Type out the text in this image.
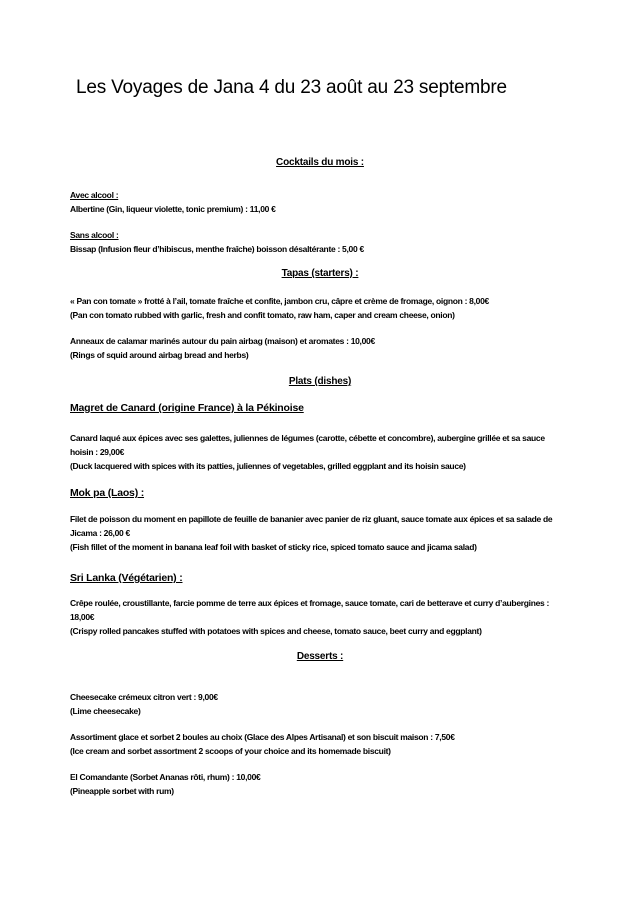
Les Voyages de Jana 4 du 23 août au 23 septembre
Cocktails du mois :

Avec alcool :

Albertine (Gin, liqueur violette, tonic premium) : 11,00 €

Sans alcool :

Bissap (Infusion fleur d’hibiscus, menthe fraîche) boisson désaltérante : 5,00 €

Tapas (starters) :

« Pan con tomate » frotté à l’ail, tomate fraîche et confite, jambon cru, câpre et crème de fromage, oignon : 8,00€

(Pan con tomato rubbed with garlic, fresh and confit tomato, raw ham, caper and cream cheese, onion)

Anneaux de calamar marinés autour du pain airbag (maison) et aromates : 10,00€

(Rings of squid around airbag bread and herbs)

Plats (dishes)
Magret de Canard (origine France) à la Pékinoise

Canard laqué aux épices avec ses galettes, juliennes de légumes (carotte, cébette et concombre), aubergine grillée et sa sauce hoisin : 29,00€

(Duck lacquered with spices with its patties, juliennes of vegetables, grilled eggplant and its hoisin sauce)

Mok pa (Laos) :

Filet de poisson du moment en papillote de feuille de bananier avec panier de riz gluant, sauce tomate aux épices et sa salade de Jicama : 26,00 €

(Fish fillet of the moment in banana leaf foil with basket of sticky rice, spiced tomato sauce and jicama salad)

Sri Lanka (Végétarien) :

Crêpe roulée, croustillante, farcie pomme de terre aux épices et fromage, sauce tomate, cari de betterave et curry d’aubergines : 18,00€

(Crispy rolled pancakes stuffed with potatoes with spices and cheese, tomato sauce, beet curry and eggplant)

Desserts :

Cheesecake crémeux citron vert : 9,00€

(Lime cheesecake)

Assortiment glace et sorbet 2 boules au choix (Glace des Alpes Artisanal) et son biscuit maison : 7,50€

(Ice cream and sorbet assortment 2 scoops of your choice and its homemade biscuit)

El Comandante (Sorbet Ananas rôti, rhum) : 10,00€

(Pineapple sorbet with rum)
